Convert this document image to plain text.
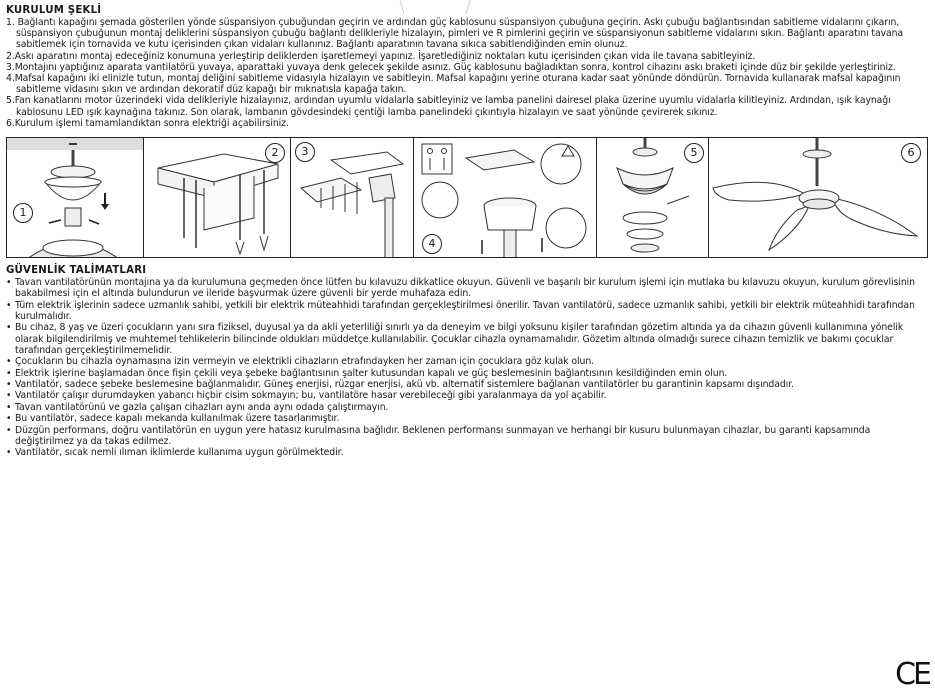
KURULUM ŞEKLİ
1. Bağlantı kapağını şemada gösterilen yönde süspansiyon çubuğundan geçirin ve ardından güç kablosunu süspansiyon çubuğuna geçirin. Askı çubuğu bağlantısından sabitleme vidalarını çıkarın, süspansiyon çubuğunun montaj deliklerini süspansiyon çubuğu bağlantı delikleriyle hizalayın, pimleri ve R pimlerini geçirin ve süspansiyonun sabitleme vidalarını sıkın. Bağlantı aparatını tavana sabitlemek için tornavida ve kutu içerisinden çıkan vidaları kullanınız. Bağlantı aparatının tavana sıkıca sabitlendiğinden emin olunuz.
2.Askı aparatını montaj edeceğiniz konumuna yerleştirip deliklerden işaretlemeyi yapınız. İşaretlediğiniz noktaları kutu içerisinden çıkan vida ile tavana sabitleyiniz.
3.Montajını yaptığınız aparata vantilatörü yuvaya, aparattaki yuvaya denk gelecek şekilde asınız. Güç kablosunu bağladıktan sonra, kontrol cihazını askı braketi içinde düz bir şekilde yerleştiriniz.
4.Mafsal kapağını iki elinizle tutun, montaj deliğini sabitleme vidasıyla hizalayın ve sabitleyin. Mafsal kapağını yerine oturana kadar saat yönünde döndürün. Tornavida kullanarak mafsal kapağının sabitleme vidasını sıkın ve ardından dekoratif düz kapağı bir mıknatısla kapağa takın.
5.Fan kanatlarını motor üzerindeki vida delikleriyle hizalayınız, ardından uyumlu vidalarla sabitleyiniz ve lamba panelini dairesel plaka üzerine uyumlu vidalarla kilitleyiniz. Ardından, ışık kaynağı kablosunu LED ışık kaynağına takınız. Son olarak, lambanın gövdesindeki çentiği lamba panelindeki çıkıntıyla hizalayın ve saat yönünde çevirerek sıkınız.
6.Kurulum işlemi tamamlandıktan sonra elektriği açabilirsiniz.
1
2	3
4
5	6
GÜVENLİK TALİMATLARI
• Tavan vantilatörünün montajına ya da kurulumuna geçmeden önce lütfen bu kılavuzu dikkatlice okuyun. Güvenli ve başarılı bir kurulum işlemi için mutlaka bu kılavuzu okuyun, kurulum görevlisinin bakabilmesi için el altında bulundurun ve ileride başvurmak üzere güvenli bir yerde muhafaza edin.
• Tüm elektrik işlerinin sadece uzmanlık sahibi, yetkili bir elektrik müteahhidi tarafından gerçekleştirilmesi önerilir. Tavan vantilatörü, sadece uzmanlık sahibi, yetkili bir elektrik müteahhidi tarafından kurulmalıdır.
• Bu cihaz, 8 yaş ve üzeri çocukların yanı sıra fiziksel, duyusal ya da akli yeterliliği sınırlı ya da deneyim ve bilgi yoksunu kişiler tarafından gözetim altında ya da cihazın güvenli kullanımına yönelik olarak bilgilendirilmiş ve muhtemel tehlikelerin bilincinde oldukları müddetçe kullanılabilir. Çocuklar cihazla oynamamalıdır. Gözetim altında olmadığı surece cihazın temizlik ve bakımı çocuklar tarafından gerçekleştirilmemelidir.
• Çocukların bu cihazla oynamasına izin vermeyin ve elektrikli cihazların etrafındayken her zaman için çocuklara göz kulak olun.
• Elektrik işlerine başlamadan önce fişin çekili veya şebeke bağlantısının şalter kutusundan kapalı ve güç beslemesinin bağlantısının kesildiğinden emin olun.
• Vantilatör, sadece şebeke beslemesine bağlanmalıdır. Güneş enerjisi, rüzgar enerjisi, akü vb. alternatif sistemlere bağlanan vantilatörler bu garantinin kapsamı dışındadır.
• Vantilatör çalışır durumdayken yabancı hiçbir cisim sokmayın; bu, vantilatöre hasar verebileceği gibi yaralanmaya da yol açabilir.
• Tavan vantilatörünü ve gazla çalışan cihazları aynı anda aynı odada çalıştırmayın.
• Bu vantilatör, sadece kapalı mekanda kullanılmak üzere tasarlanmıştır.
• Düzgün performans, doğru vantilatörün en uygun yere hatasız kurulmasına bağlıdır. Beklenen performansı sunmayan ve herhangi bir kusuru bulunmayan cihazlar, bu garanti kapsamında değiştirilmez ya da takas edilmez.
• Vantilatör, sıcak nemli ılıman iklimlerde kullanıma uygun görülmektedir.
CE
